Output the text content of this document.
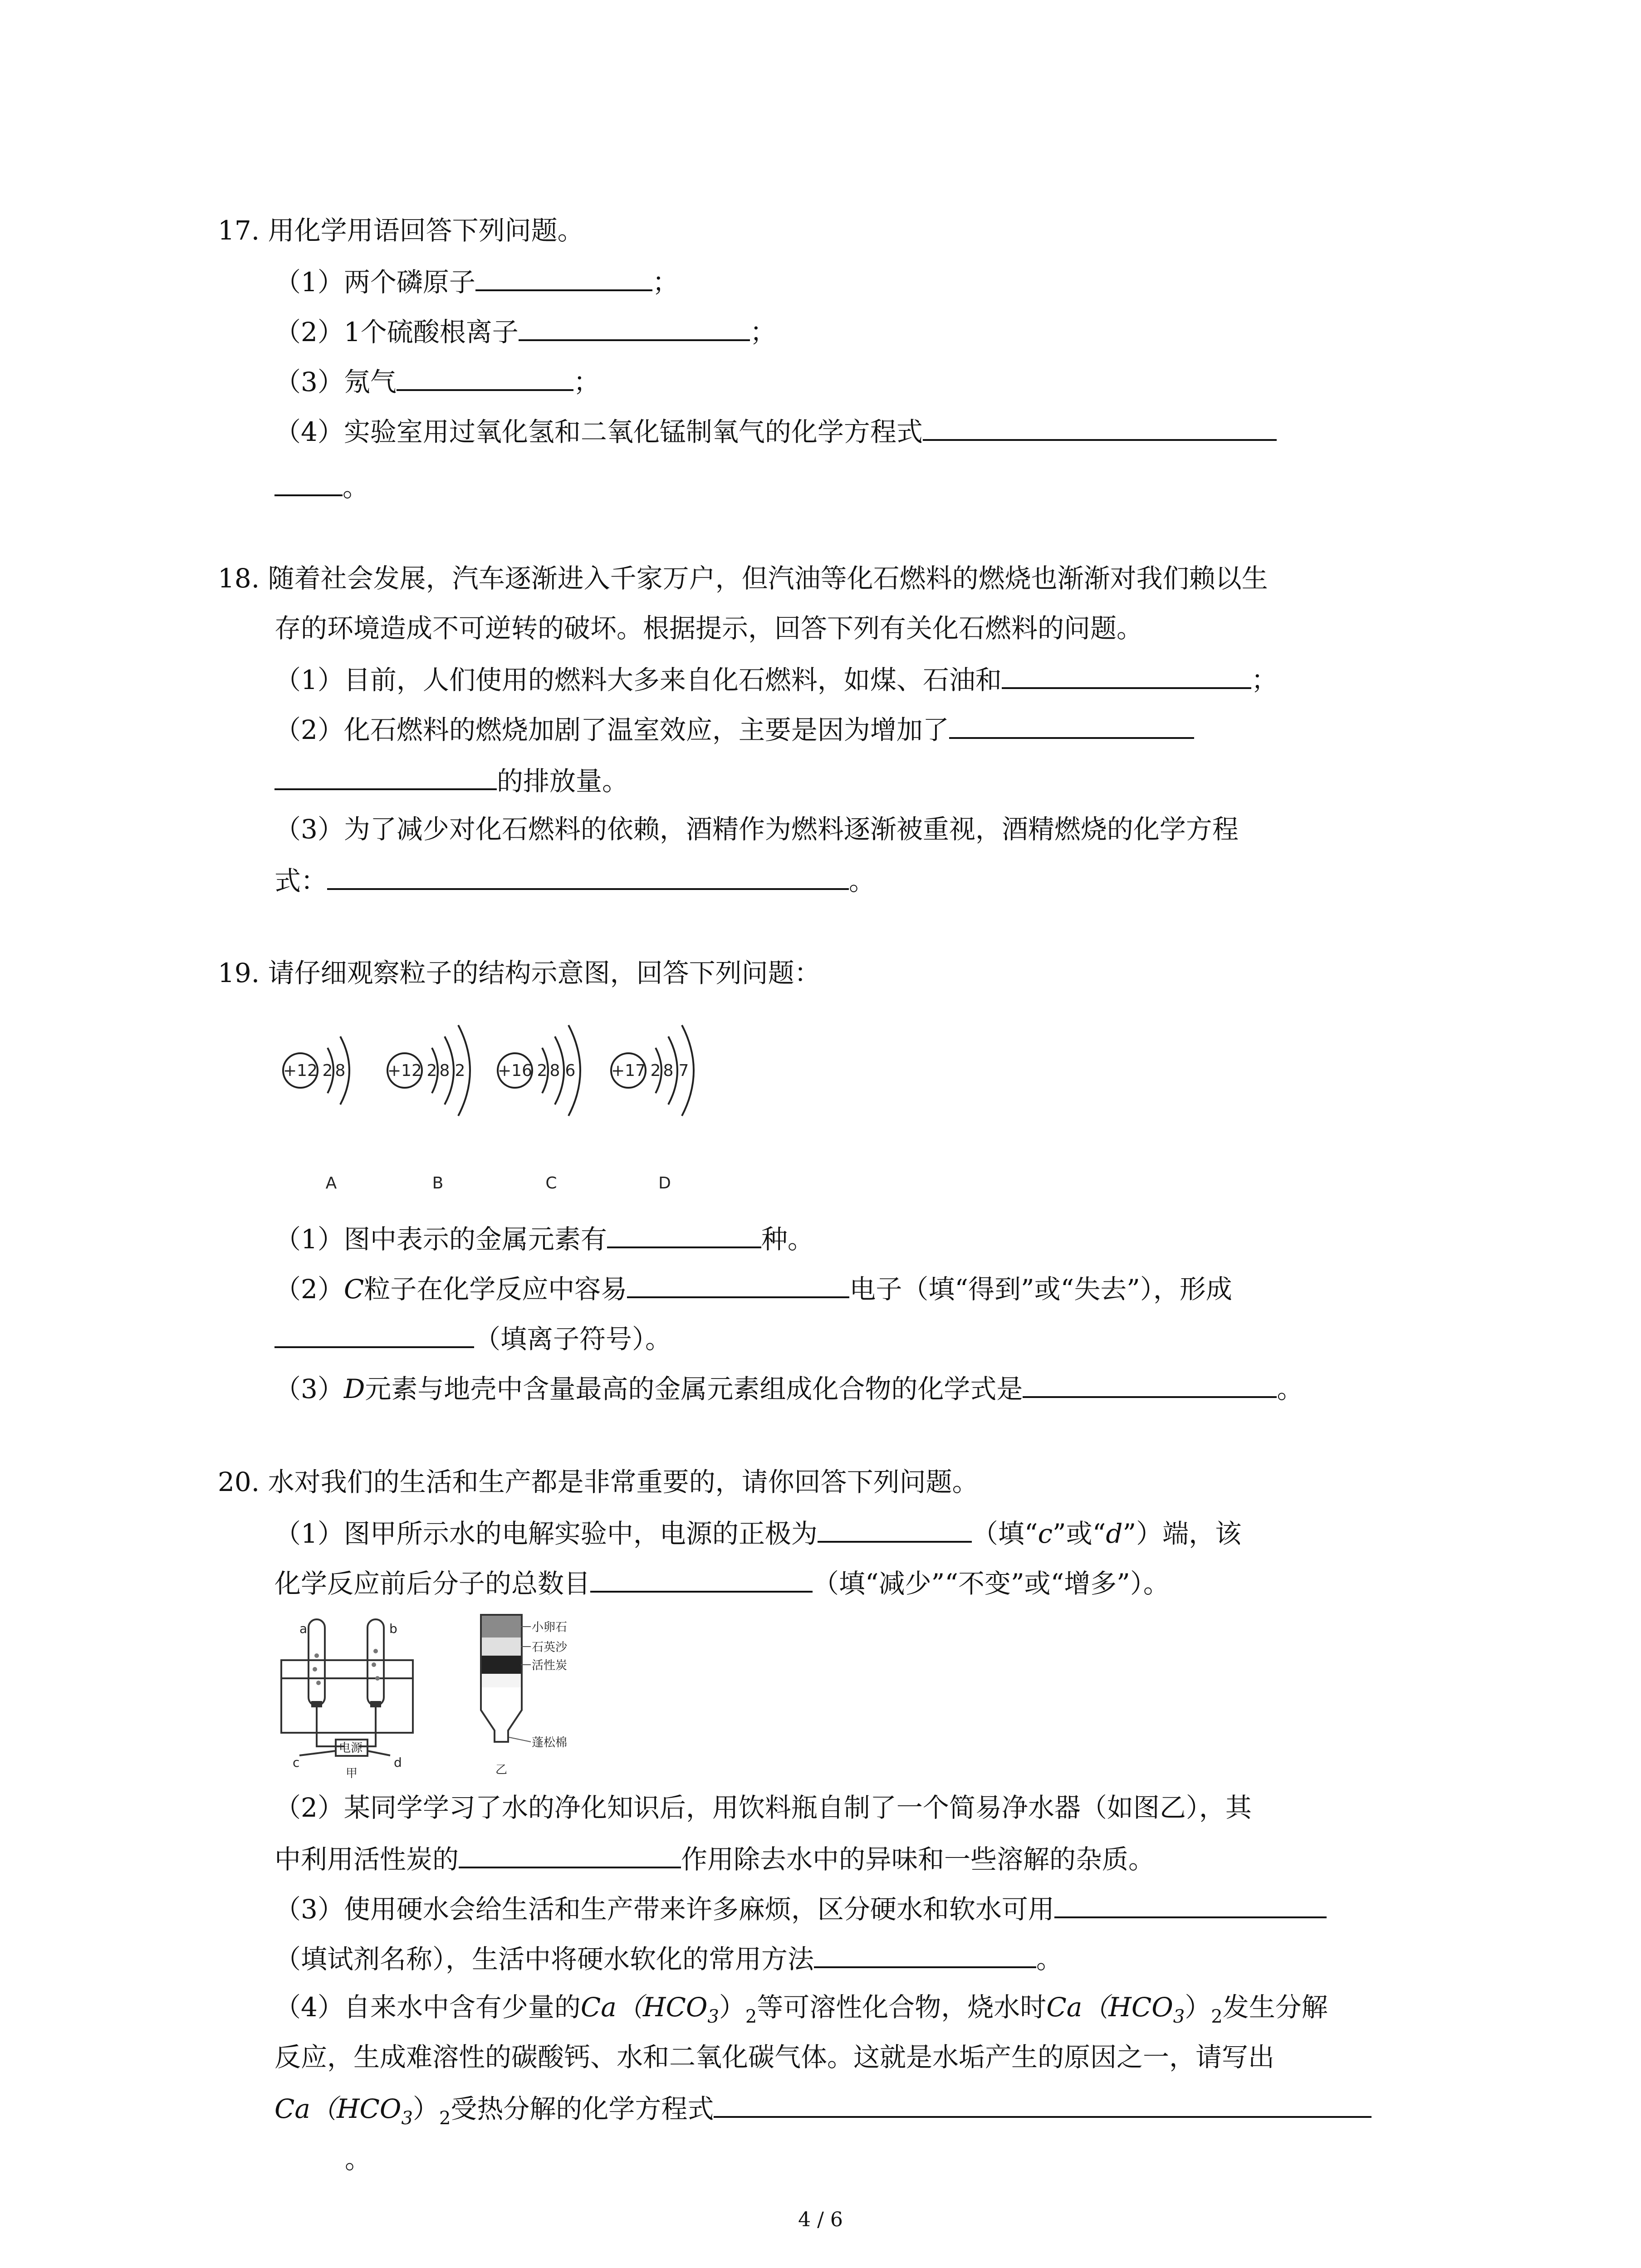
17. 用化学用语回答下列问题。
（1）两个磷原子	；
（2）1个硫酸根离子	；
（3）氖气	；
（4）实验室用过氧化氢和二氧化锰制氧气的化学方程式
。
18. 随着社会发展，汽车逐渐进入千家万户，但汽油等化石燃料的燃烧也渐渐对我们赖以生
存的环境造成不可逆转的破坏。根据提示，回答下列有关化石燃料的问题。
（1）目前，人们使用的燃料大多来自化石燃料，如煤、石油和	；
（2）化石燃料的燃烧加剧了温室效应，主要是因为增加了
的排放量。
（3）为了减少对化石燃料的依赖，酒精作为燃料逐渐被重视，酒精燃烧的化学方程
式：	。
19. 请仔细观察粒子的结构示意图，回答下列问题：
+12 2 8	+12 2 8 2 +16 2 8 6 +17 2 8 7
A	B	C	D
（1）图中表示的金属元素有	种。
（2）C粒子在化学反应中容易	电子（填“得到”或“失去”），形成
（填离子符号）。
（3）D元素与地壳中含量最高的金属元素组成化合物的化学式是	。
20. 水对我们的生活和生产都是非常重要的，请你回答下列问题。
（1）图甲所示水的电解实验中，电源的正极为	（填“c”或“d”）端，该
化学反应前后分子的总数目	（填“减少”“不变”或“增多”）。
a	b
电源
c	d
甲
小卵石
石英沙
活性炭
蓬松棉
乙
（2）某同学学习了水的净化知识后，用饮料瓶自制了一个简易净水器（如图乙），其
中利用活性炭的	作用除去水中的异味和一些溶解的杂质。
（3）使用硬水会给生活和生产带来许多麻烦，区分硬水和软水可用
（填试剂名称），生活中将硬水软化的常用方法	。
（4）自来水中含有少量的$Ca(HCO_3)_2$等可溶性化合物，烧水时$Ca(HCO_3)_2$发生分解
反应，生成难溶性的碳酸钙、水和二氧化碳气体。这就是水垢产生的原因之一，请写出
$Ca(HCO_3)_2$受热分解的化学方程式
。
4 / 6
